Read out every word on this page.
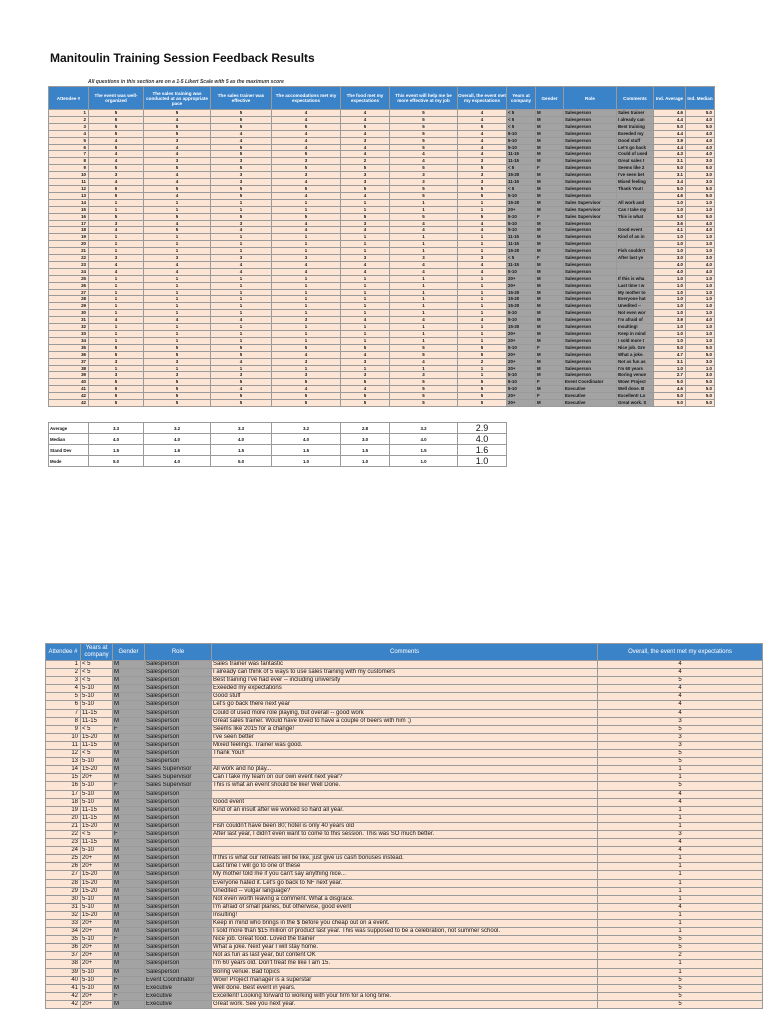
Manitoulin Training Session Feedback Results
All questions in this section are on a 1-5 Likert Scale with 5 as the maximum score
Attendee #	The event was well-organized	The sales training was conducted at an appropriate pace	The sales trainer was effective	The accomodations met my expectations	The food met my expectations	This event will help me be more effective at my job	Overall, the event met my expectations	Years at company	Gender	Role	Comments	Ind. Average	Ind. Median
1	5	5	5	4	4	5	4	< 5	M	Salesperson	Sales trainer	4.6	5.0
2	5	4	5	4	4	5	4	< 5	M	Salesperson	I already can	4.4	4.0
3	5	5	5	5	5	5	5	< 5	M	Salesperson	Best training	5.0	5.0
4	5	5	4	4	4	5	4	5-10	M	Salesperson	Exeeded my	4.4	4.0
5	4	3	4	4	3	5	4	5-10	M	Salesperson	Good stuff	3.9	4.0
6	5	4	5	4	4	5	4	5-10	M	Salesperson	Let's go back	4.4	4.0
7	4	4	5	5	4	4	4	11-15	M	Salesperson	Could of used	4.3	4.0
8	4	3	3	3	2	4	3	11-15	M	Salesperson	Great sales t	3.1	3.0
9	5	5	5	5	5	5	5	< 5	F	Salesperson	Seems like 2	5.0	5.0
10	3	4	3	3	3	3	3	15-20	M	Salesperson	I've seen bet	3.1	3.0
11	4	4	3	4	3	3	3	11-15	M	Salesperson	Mixed feeling	3.4	3.0
12	5	5	5	5	5	5	5	< 5	M	Salesperson	Thank You!!	5.0	5.0
13	5	4	5	4	4	5	5	5-10	M	Salesperson		4.6	5.0
14	1	1	1	1	1	1	1	15-20	M	Sales Supervisor	All work and	1.0	1.0
15	1	1	1	1	1	1	1	20+	M	Sales Supervisor	Can I take my	1.0	1.0
16	5	5	5	5	5	5	5	5-10	F	Sales Supervisor	This is what	5.0	5.0
17	3	4	3	4	3	4	4	5-10	M	Salesperson		3.6	4.0
18	4	5	4	4	4	4	4	5-10	M	Salesperson	Good event	4.1	4.0
19	1	1	1	1	1	1	1	11-15	M	Salesperson	Kind of an in	1.0	1.0
20	1	1	1	1	1	1	1	11-15	M	Salesperson		1.0	1.0
21	1	1	1	1	1	1	1	15-20	M	Salesperson	Fish couldn't	1.0	1.0
22	3	3	3	3	3	3	3	< 5	F	Salesperson	After last ye	3.0	3.0
23	4	4	4	4	4	4	4	11-15	M	Salesperson		4.0	4.0
24	4	4	4	4	4	4	4	5-10	M	Salesperson		4.0	4.0
25	1	1	1	1	1	1	1	20+	M	Salesperson	If this is wha	1.0	1.0
26	1	1	1	1	1	1	1	20+	M	Salesperson	Last time I w	1.0	1.0
27	1	1	1	1	1	1	1	15-20	M	Salesperson	My mother to	1.0	1.0
28	1	1	1	1	1	1	1	15-20	M	Salesperson	Everyone hat	1.0	1.0
29	1	1	1	1	1	1	1	15-20	M	Salesperson	Unedited --	1.0	1.0
30	1	1	1	1	1	1	1	5-10	M	Salesperson	Not even wor	1.0	1.0
31	4	4	4	3	4	4	4	5-10	M	Salesperson	I'm afraid of	3.9	4.0
32	1	1	1	1	1	1	1	15-20	M	Salesperson	Insulting!	1.0	1.0
33	1	1	1	1	1	1	1	20+	M	Salesperson	Keep in mind	1.0	1.0
34	1	1	1	1	1	1	1	20+	M	Salesperson	I sold more t	1.0	1.0
35	5	5	5	5	5	5	5	5-10	F	Salesperson	Nice job. Gre	5.0	5.0
36	5	5	5	4	4	5	5	20+	M	Salesperson	What a joke.	4.7	5.0
37	3	3	4	3	3	4	2	20+	M	Salesperson	Not as fun as	3.1	3.0
38	1	1	1	1	1	1	1	20+	M	Salesperson	I'm 60 years	1.0	1.0
39	3	3	3	3	3	3	1	5-10	M	Salesperson	Boring venue	2.7	3.0
40	5	5	5	5	5	5	5	5-10	F	Event Coordinator	Wow! Project	5.0	5.0
41	5	5	4	4	4	5	5	5-10	M	Executive	Well done. B	4.6	5.0
42	5	5	5	5	5	5	5	20+	F	Executive	Excellent! Lo	5.0	5.0
42	5	5	5	5	5	5	5	20+	M	Executive	Great work. S	5.0	5.0
Average	3.3	3.2	3.3	3.2	2.8	3.2	2.9
Median	4.0	4.0	4.0	4.0	3.0	4.0	4.0
Stand Dev	1.5	1.6	1.5	1.5	1.5	1.5	1.6
Mode	5.0	4.0	5.0	1.0	1.0	1.0	1.0
Attendee #	Years at company	Gender	Role	Comments	Overall, the event met my expectations
1	< 5	M	Salesperson	Sales trainer was fantastic	4
2	< 5	M	Salesperson	I already can think of 5 ways to use sales training with my customers	4
3	< 5	M	Salesperson	Best training I've had ever -- including university	5
4	5-10	M	Salesperson	Exeeded my expectations	4
5	5-10	M	Salesperson	Good stuff	4
6	5-10	M	Salesperson	Let's go back there next year	4
7	11-15	M	Salesperson	Could of used more role playing, but overall -- good work	4
8	11-15	M	Salesperson	Great sales trainer. Would have loved to have a couple of beers with him ;)	3
9	< 5	F	Salesperson	Seems like 2015 for a change!	5
10	15-20	M	Salesperson	I've seen better	3
11	11-15	M	Salesperson	Mixed feelings. Trainer was good.	3
12	< 5	M	Salesperson	Thank You!!	5
13	5-10	M	Salesperson		5
14	15-20	M	Sales Supervisor	All work and no play...	1
15	20+	M	Sales Supervisor	Can I take my team on our own event next year?	1
16	5-10	F	Sales Supervisor	This is what an event should be like! Well Done.	5
17	5-10	M	Salesperson		4
18	5-10	M	Salesperson	Good event	4
19	11-15	M	Salesperson	Kind of an insult after we worked so hard all year.	1
20	11-15	M	Salesperson		1
21	15-20	M	Salesperson	Fish couldn't have been 80; hotel is only 40 years old	1
22	< 5	F	Salesperson	After last year, I didn't even want to come to this session. This was SO much better.	3
23	11-15	M	Salesperson		4
24	5-10	M	Salesperson		4
25	20+	M	Salesperson	If this is what our retreats will be like, just give us cash bonuses instead.	1
26	20+	M	Salesperson	Last time I will go to one of these	1
27	15-20	M	Salesperson	My mother told me if you can't say anything nice...	1
28	15-20	M	Salesperson	Everyone hated it. Let's go back to NF next year.	1
29	15-20	M	Salesperson	Unedited -- vulgar language?	1
30	5-10	M	Salesperson	Not even worth leaving a comment. What a disgrace.	1
31	5-10	M	Salesperson	I'm afraid of small planes, but otherwise, good event	4
32	15-20	M	Salesperson	Insulting!	1
33	20+	M	Salesperson	Keep in mind who brings in the $ before you cheap out on a event.	1
34	20+	M	Salesperson	I sold more than $15 million of product last year. This was supposed to be a celebration, not summer school.	1
35	5-10	F	Salesperson	Nice job. Great food. Loved the trainer	5
36	20+	M	Salesperson	What a joke. Next year I will stay home.	5
37	20+	M	Salesperson	Not as fun as last year, but content OK	2
38	20+	M	Salesperson	I'm 60 years old. Don't treat me like I am 15.	1
39	5-10	M	Salesperson	Boring venue. Bad topics	1
40	5-10	F	Event Coordinator	Wow! Project manager is a superstar	5
41	5-10	M	Executive	Well done. Best event in years.	5
42	20+	F	Executive	Excellent! Looking forward to working with your firm for a long time.	5
42	20+	M	Executive	Great work. See you next year.	5
